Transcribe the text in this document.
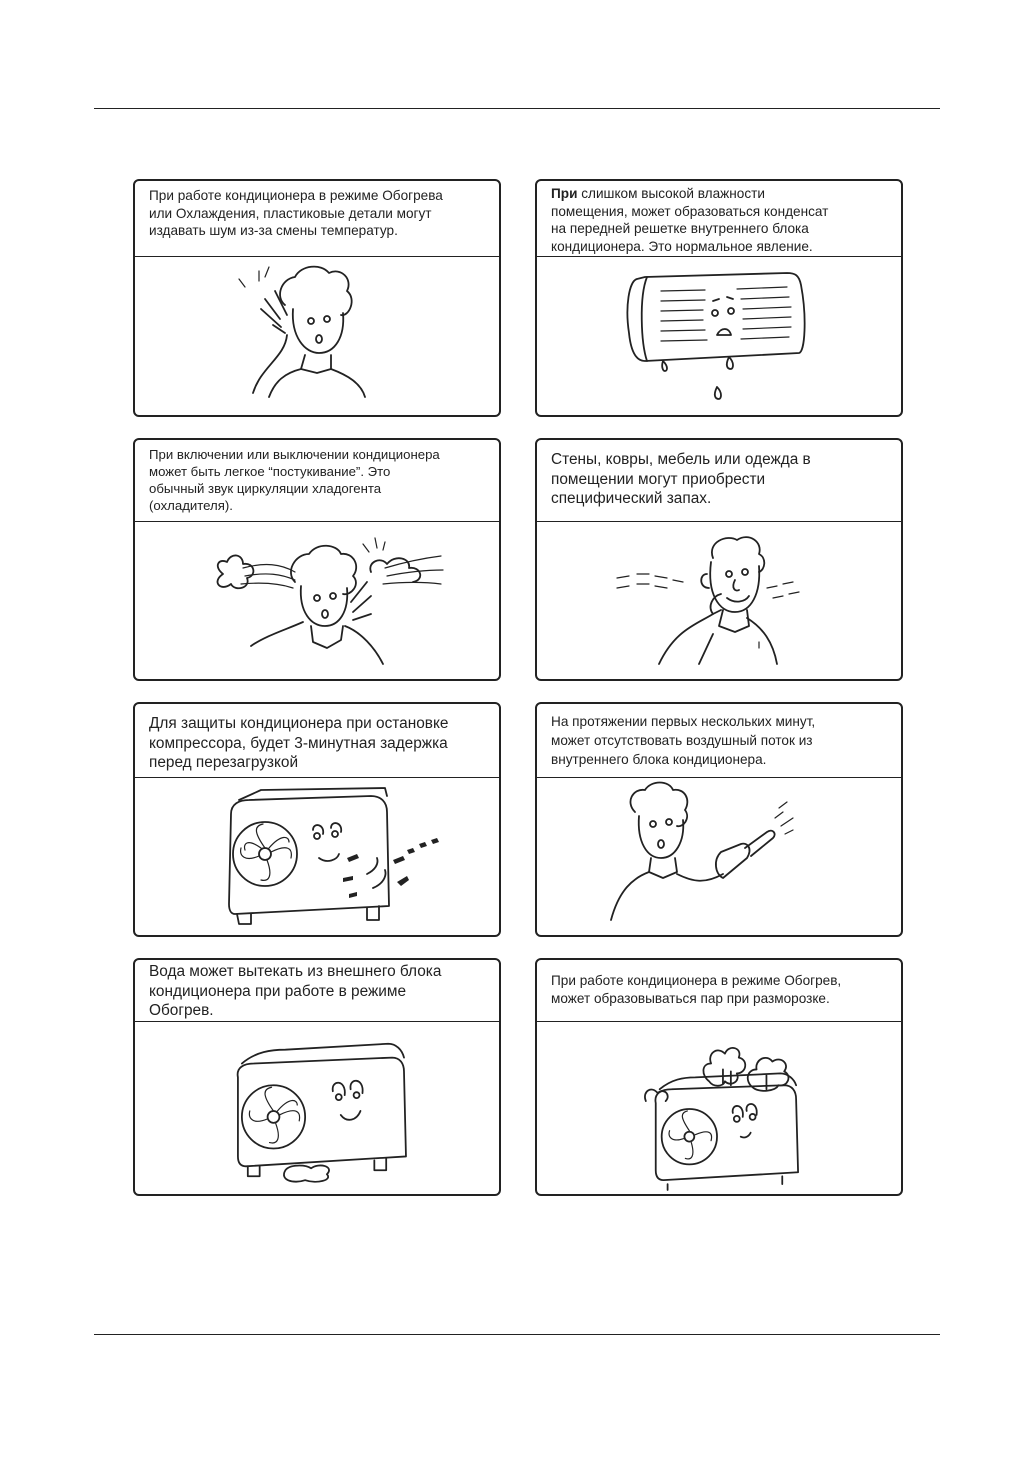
При работе кондиционера в режиме Обогрева
или Охлаждения, пластиковые детали могут
издавать шум из-за смены температур.
При слишком высокой влажности
помещения, может образоваться конденсат
на передней решетке внутреннего блока
кондиционера. Это нормальное явление.
При включении или выключении кондиционера
может быть легкое “постукивание”. Это
обычный звук циркуляции хладогента
(охладителя).
Стены, ковры, мебель или одежда в
помещении могут приобрести
специфический запах.
Для защиты кондиционера при остановке
компрессора, будет 3-минутная задержка
перед перезагрузкой
На протяжении первых нескольких минут,
может отсутствовать воздушный поток из
внутреннего блока кондиционера.
Вода может вытекать из внешнего блока
кондиционера при работе в режиме
Обогрев.
При работе кондиционера в режиме Обогрев,
может образовываться пар при разморозке.
